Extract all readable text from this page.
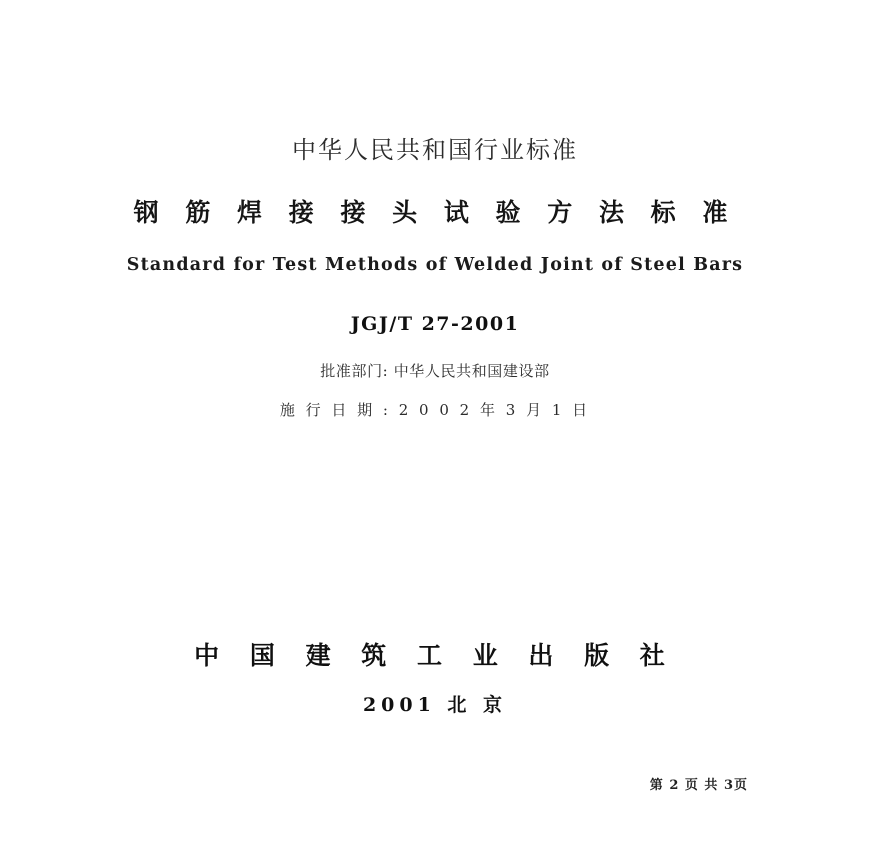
中华人民共和国行业标准
钢 筋 焊 接 接 头 试 验 方 法 标 准
Standard for Test Methods of Welded Joint of Steel Bars
JGJ/T 27-2001
批准部门: 中华人民共和国建设部
施 行 日 期 : 2 0 0 2 年 3 月 1 日
中 国 建 筑 工 业 出 版 社
2001 北 京
第 2 页 共 3页
